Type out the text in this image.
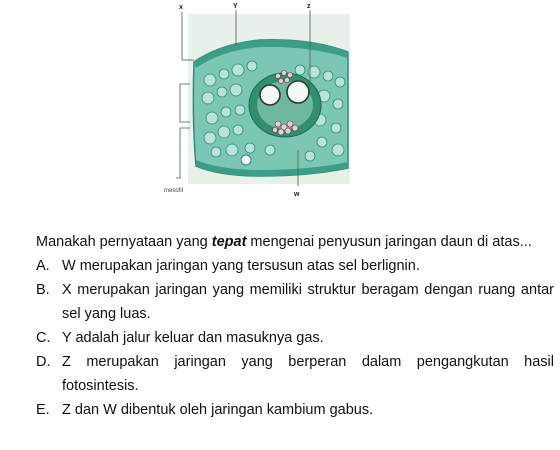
x	Y	z
w
mesofil

Manakah pernyataan yang tepat mengenai penyusun jaringan daun di atas...

A. W merupakan jaringan yang tersusun atas sel berlignin.
B. X merupakan jaringan yang memiliki struktur beragam dengan ruang antar sel yang luas.
C. Y adalah jalur keluar dan masuknya gas.
D. Z merupakan jaringan yang berperan dalam pengangkutan hasil fotosintesis.
E. Z dan W dibentuk oleh jaringan kambium gabus.
